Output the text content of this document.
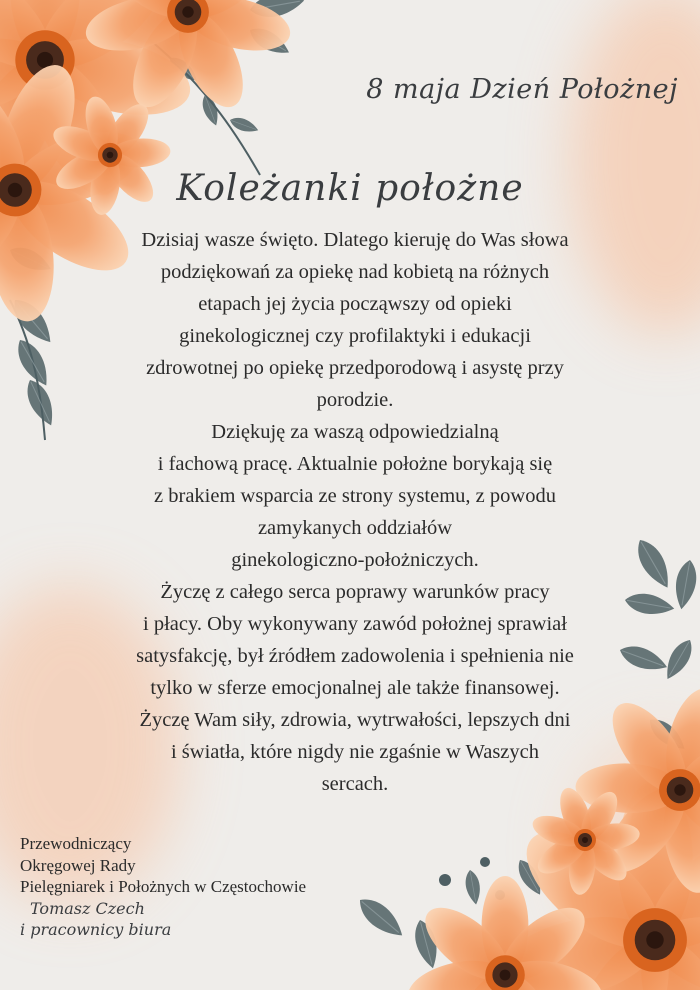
8 maja Dzień Położnej
Koleżanki położne
Dzisiaj wasze święto. Dlatego kieruję do Was słowa
podziękowań za opiekę nad kobietą na różnych
etapach jej życia począwszy od opieki
ginekologicznej czy profilaktyki i edukacji
zdrowotnej po opiekę przedporodową i asystę przy
porodzie.
Dziękuję za waszą odpowiedzialną
i fachową pracę. Aktualnie położne borykają się
z brakiem wsparcia ze strony systemu, z powodu
zamykanych oddziałów
ginekologiczno-położniczych.
Życzę z całego serca poprawy warunków pracy
i płacy. Oby wykonywany zawód położnej sprawiał
satysfakcję, był źródłem zadowolenia i spełnienia nie
tylko w sferze emocjonalnej ale także finansowej.
Życzę Wam siły, zdrowia, wytrwałości, lepszych dni
i światła, które nigdy nie zgaśnie w Waszych
sercach.
Przewodniczący
Okręgowej Rady
Pielęgniarek i Położnych w Częstochowie
Tomasz Czech
i pracownicy biura
